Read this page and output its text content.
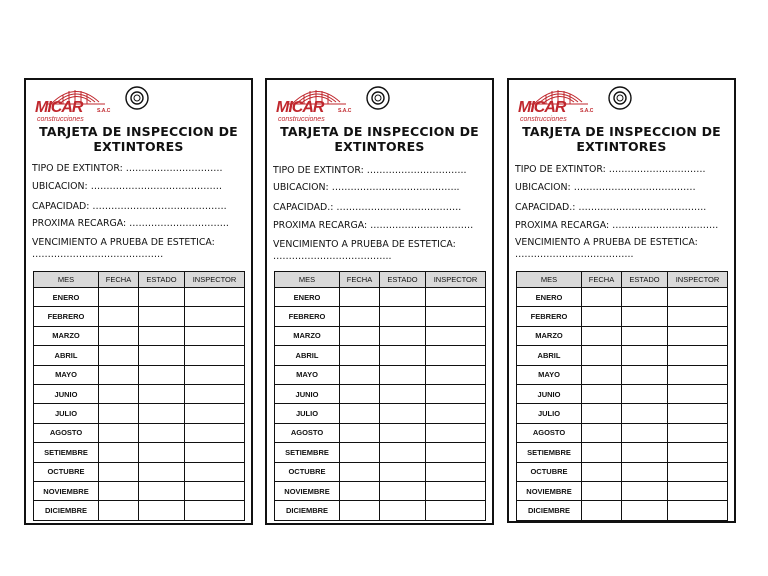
MICAR	S.A.C
construcciones
TARJETA DE INSPECCION DE EXTINTORES
TIPO DE EXTINTOR: ………………………….
UBICACIÓN: ……………………………………
CAPACIDAD: …………………………………….
PRÓXIMA RECARGA: …………………………..
VENCIMIENTO A PRUEBA DE ESTETICA: ……………………………………
MES	FECHA	ESTADO	INSPECTOR
ENERO			
FEBRERO			
MARZO			
ABRIL			
MAYO			
JUNIO			
JULIO			
AGOSTO			
SETIEMBRE			
OCTUBRE			
NOVIEMBRE			
DICIEMBRE			
MICAR	S.A.C
construcciones
TARJETA DE INSPECCION DE EXTINTORES
TIPO DE EXTINTOR: …………………………..
UBICACIÓN: …………………………………..
CAPACIDAD.: ………………………………….
PRÓXIMA RECARGA: ……………………………
VENCIMIENTO A PRUEBA DE ESTETICA: ………………………………..
MES	FECHA	ESTADO	INSPECTOR
ENERO			
FEBRERO			
MARZO			
ABRIL			
MAYO			
JUNIO			
JULIO			
AGOSTO			
SETIEMBRE			
OCTUBRE			
NOVIEMBRE			
DICIEMBRE			
MICAR	S.A.C
construcciones
TARJETA DE INSPECCION DE EXTINTORES
TIPO DE EXTINTOR: ………………………….
UBICACIÓN: …………………………………
CAPACIDAD.: …………………………………..
PRÓXIMA RECARGA: …………………………….
VENCIMIENTO A PRUEBA DE ESTETICA: ………………………………..
MES	FECHA	ESTADO	INSPECTOR
ENERO			
FEBRERO			
MARZO			
ABRIL			
MAYO			
JUNIO			
JULIO			
AGOSTO			
SETIEMBRE			
OCTUBRE			
NOVIEMBRE			
DICIEMBRE			
